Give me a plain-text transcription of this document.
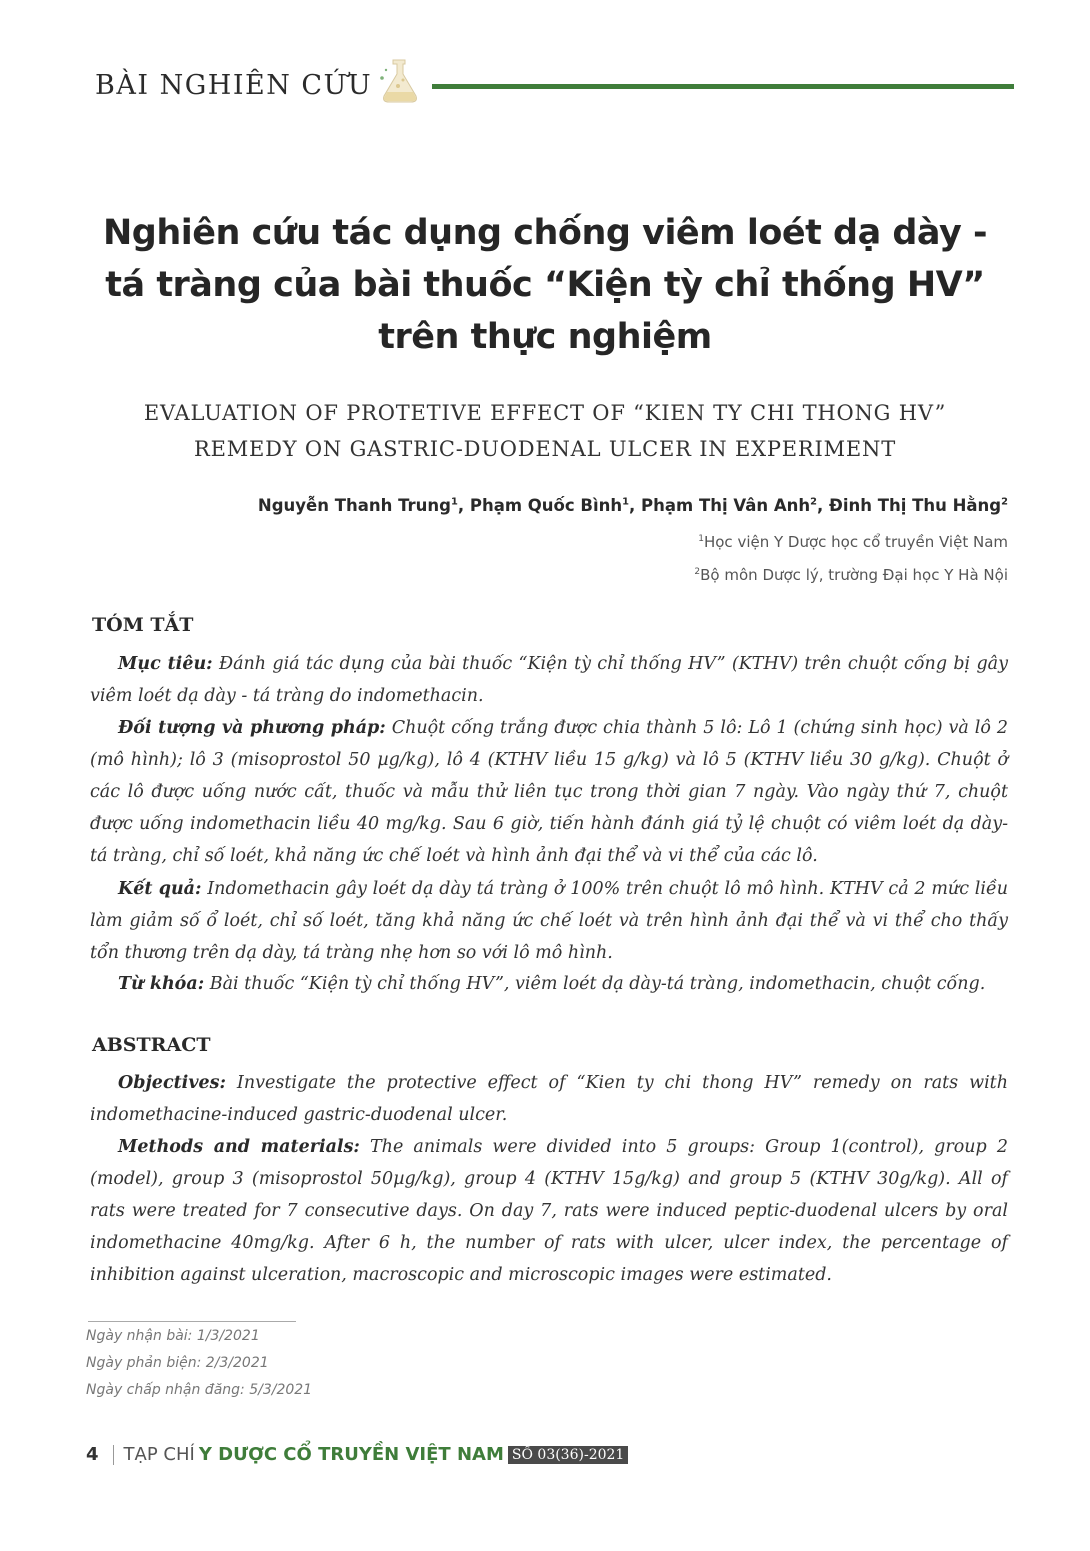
BÀI NGHIÊN CỨU
Nghiên cứu tác dụng chống viêm loét dạ dày -
tá tràng của bài thuốc “Kiện tỳ chỉ thống HV”
trên thực nghiệm
EVALUATION OF PROTETIVE EFFECT OF “KIEN TY CHI THONG HV”
REMEDY ON GASTRIC-DUODENAL ULCER IN EXPERIMENT
Nguyễn Thanh Trung$^1$, Phạm Quốc Bình$^1$, Phạm Thị Vân Anh$^2$, Đinh Thị Thu Hằng$^2$
$^1$Học viện Y Dược học cổ truyền Việt Nam
$^2$Bộ môn Dược lý, trường Đại học Y Hà Nội
TÓM TẮT
Mục tiêu: Đánh giá tác dụng của bài thuốc “Kiện tỳ chỉ thống HV” (KTHV) trên chuột cống bị gây viêm loét dạ dày - tá tràng do indomethacin.
Đối tượng và phương pháp: Chuột cống trắng được chia thành 5 lô: Lô 1 (chứng sinh học) và lô 2 (mô hình); lô 3 (misoprostol 50 µg/kg), lô 4 (KTHV liều 15 g/kg) và lô 5 (KTHV liều 30 g/kg). Chuột ở các lô được uống nước cất, thuốc và mẫu thử liên tục trong thời gian 7 ngày. Vào ngày thứ 7, chuột được uống indomethacin liều 40 mg/kg. Sau 6 giờ, tiến hành đánh giá tỷ lệ chuột có viêm loét dạ dày-tá tràng, chỉ số loét, khả năng ức chế loét và hình ảnh đại thể và vi thể của các lô.
Kết quả: Indomethacin gây loét dạ dày tá tràng ở 100% trên chuột lô mô hình. KTHV cả 2 mức liều làm giảm số ổ loét, chỉ số loét, tăng khả năng ức chế loét và trên hình ảnh đại thể và vi thể cho thấy tổn thương trên dạ dày, tá tràng nhẹ hơn so với lô mô hình.
Từ khóa: Bài thuốc “Kiện tỳ chỉ thống HV”, viêm loét dạ dày-tá tràng, indomethacin, chuột cống.
ABSTRACT
Objectives: Investigate the protective effect of “Kien ty chi thong HV” remedy on rats with indomethacine-induced gastric-duodenal ulcer.
Methods and materials: The animals were divided into 5 groups: Group 1(control), group 2 (model), group 3 (misoprostol 50µg/kg), group 4 (KTHV 15g/kg) and group 5 (KTHV 30g/kg). All of rats were treated for 7 consecutive days. On day 7, rats were induced peptic-duodenal ulcers by oral indomethacine 40mg/kg. After 6 h, the number of rats with ulcer, ulcer index, the percentage of inhibition against ulceration, macroscopic and microscopic images were estimated.
Ngày nhận bài: 1/3/2021
Ngày phản biện: 2/3/2021
Ngày chấp nhận đăng: 5/3/2021
4 TẠP CHÍ Y DƯỢC CỔ TRUYỀN VIỆT NAM SỐ 03(36)-2021
